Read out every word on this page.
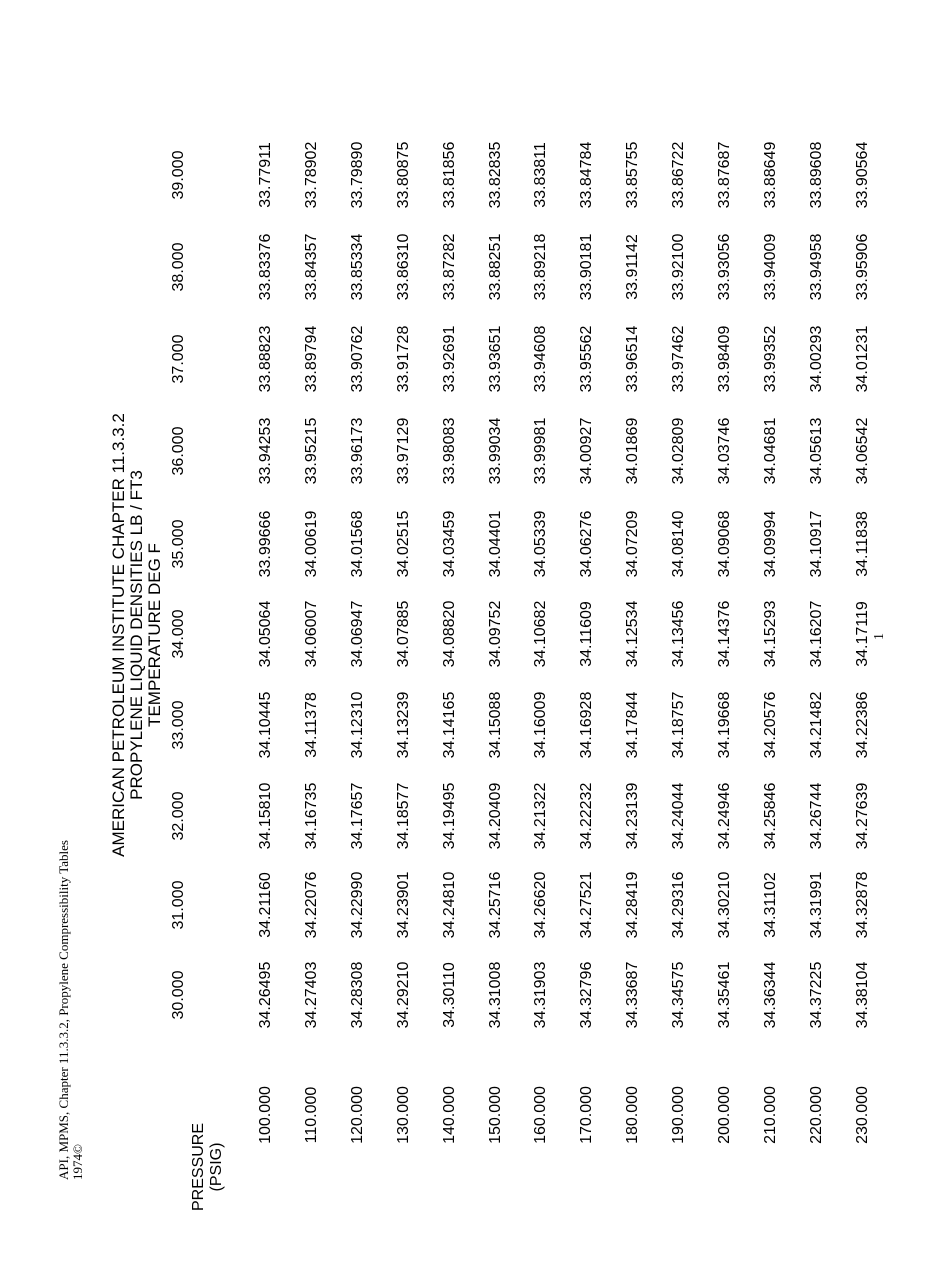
API, MPMS, Chapter 11.3.3.2, Propylene Compressibility Tables 1974©
AMERICAN PETROLEUM INSTITUTE CHAPTER 11.3.3.2 PROPYLENE LIQUID DENSITIES LB / FT3 TEMPERATURE DEG F
PRESSURE (PSIG)
30.000
31.000
32.000
33.000
34.000
35.000
36.000
37.000
38.000
39.000
100.000
34.26495
34.21160
34.15810
34.10445
34.05064
33.99666
33.94253
33.88823
33.83376
33.77911
110.000
34.27403
34.22076
34.16735
34.11378
34.06007
34.00619
33.95215
33.89794
33.84357
33.78902
120.000
34.28308
34.22990
34.17657
34.12310
34.06947
34.01568
33.96173
33.90762
33.85334
33.79890
130.000
34.29210
34.23901
34.18577
34.13239
34.07885
34.02515
33.97129
33.91728
33.86310
33.80875
140.000
34.30110
34.24810
34.19495
34.14165
34.08820
34.03459
33.98083
33.92691
33.87282
33.81856
150.000
34.31008
34.25716
34.20409
34.15088
34.09752
34.04401
33.99034
33.93651
33.88251
33.82835
160.000
34.31903
34.26620
34.21322
34.16009
34.10682
34.05339
33.99981
33.94608
33.89218
33.83811
170.000
34.32796
34.27521
34.22232
34.16928
34.11609
34.06276
34.00927
33.95562
33.90181
33.84784
180.000
34.33687
34.28419
34.23139
34.17844
34.12534
34.07209
34.01869
33.96514
33.91142
33.85755
190.000
34.34575
34.29316
34.24044
34.18757
34.13456
34.08140
34.02809
33.97462
33.92100
33.86722
200.000
34.35461
34.30210
34.24946
34.19668
34.14376
34.09068
34.03746
33.98409
33.93056
33.87687
210.000
34.36344
34.31102
34.25846
34.20576
34.15293
34.09994
34.04681
33.99352
33.94009
33.88649
220.000
34.37225
34.31991
34.26744
34.21482
34.16207
34.10917
34.05613
34.00293
33.94958
33.89608
230.000
34.38104
34.32878
34.27639
34.22386
34.17119
34.11838
34.06542
34.01231
33.95906
33.90564
1
